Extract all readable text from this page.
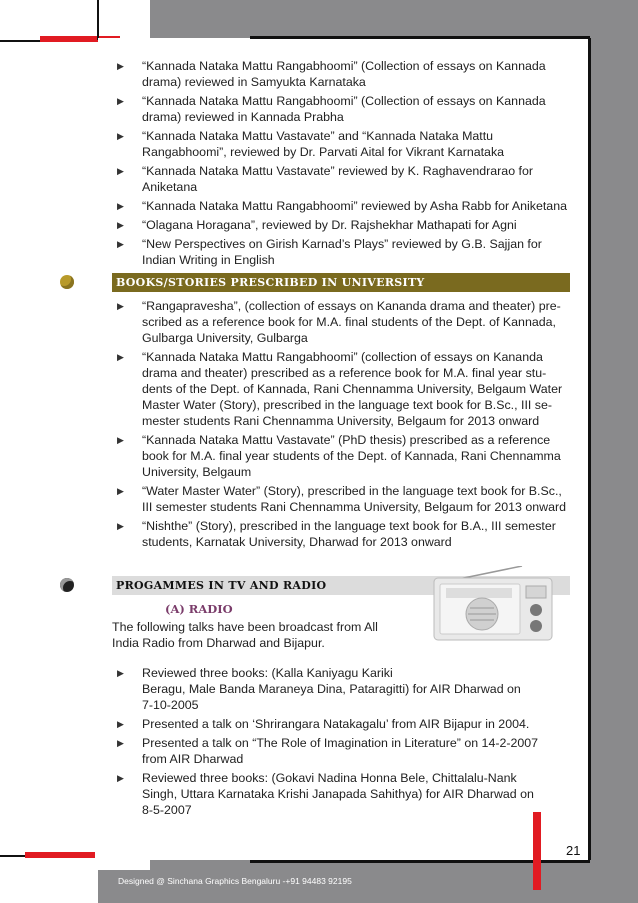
▶ “Kannada Nataka Mattu Rangabhoomi” (Collection of essays on Kannada
drama) reviewed in Samyukta Karnataka
▶ “Kannada Nataka Mattu Rangabhoomi” (Collection of essays on Kannada
drama) reviewed in Kannada Prabha
▶ “Kannada Nataka Mattu Vastavate” and “Kannada Nataka Mattu
Rangabhoomi”, reviewed by Dr. Parvati Aital for Vikrant Karnataka
▶ “Kannada Nataka Mattu Vastavate” reviewed by K. Raghavendrarao for
Aniketana
▶ “Kannada Nataka Mattu Rangabhoomi” reviewed by Asha Rabb for Aniketana
▶ “Olagana Horagana”, reviewed by Dr. Rajshekhar Mathapati for Agni
▶ “New Perspectives on Girish Karnad’s Plays” reviewed by G.B. Sajjan for
Indian Writing in English
BOOKS/STORIES PRESCRIBED IN UNIVERSITY
▶ “Rangapravesha”, (collection of essays on Kananda drama and theater) pre-
scribed as a reference book for M.A. final students of the Dept. of Kannada,
Gulbarga University, Gulbarga
▶ “Kannada Nataka Mattu Rangabhoomi” (collection of essays on Kananda
drama and theater) prescribed as a reference book for M.A. final year stu-
dents of the Dept. of Kannada, Rani Chennamma University, Belgaum Water
Master Water (Story), prescribed in the language text book for B.Sc., III se-
mester students Rani Chennamma University, Belgaum for 2013 onward
▶ “Kannada Nataka Mattu Vastavate” (PhD thesis) prescribed as a reference
book for M.A. final year students of the Dept. of Kannada, Rani Chennamma
University, Belgaum
▶ “Water Master Water” (Story), prescribed in the language text book for B.Sc.,
III semester students Rani Chennamma University, Belgaum for 2013 onward
▶ “Nishthe” (Story), prescribed in the language text book for B.A., III semester
students, Karnatak University, Dharwad for 2013 onward
PROGAMMES IN TV AND RADIO
(A) RADIO
The following talks have been broadcast from All
India Radio from Dharwad and Bijapur.
▶ Reviewed three books: (Kalla Kaniyagu Kariki
Beragu, Male Banda Maraneya Dina, Pataragitti) for AIR Dharwad on
7-10-2005
▶ Presented a talk on ‘Shrirangara Natakagalu’ from AIR Bijapur in 2004.
▶ Presented a talk on “The Role of Imagination in Literature” on 14-2-2007
from AIR Dharwad
▶ Reviewed three books: (Gokavi Nadina Honna Bele, Chittalalu-Nank
Singh, Uttara Karnataka Krishi Janapada Sahithya) for AIR Dharwad on
8-5-2007
21
Designed @ Sinchana Graphics Bengaluru -+91 94483 92195
